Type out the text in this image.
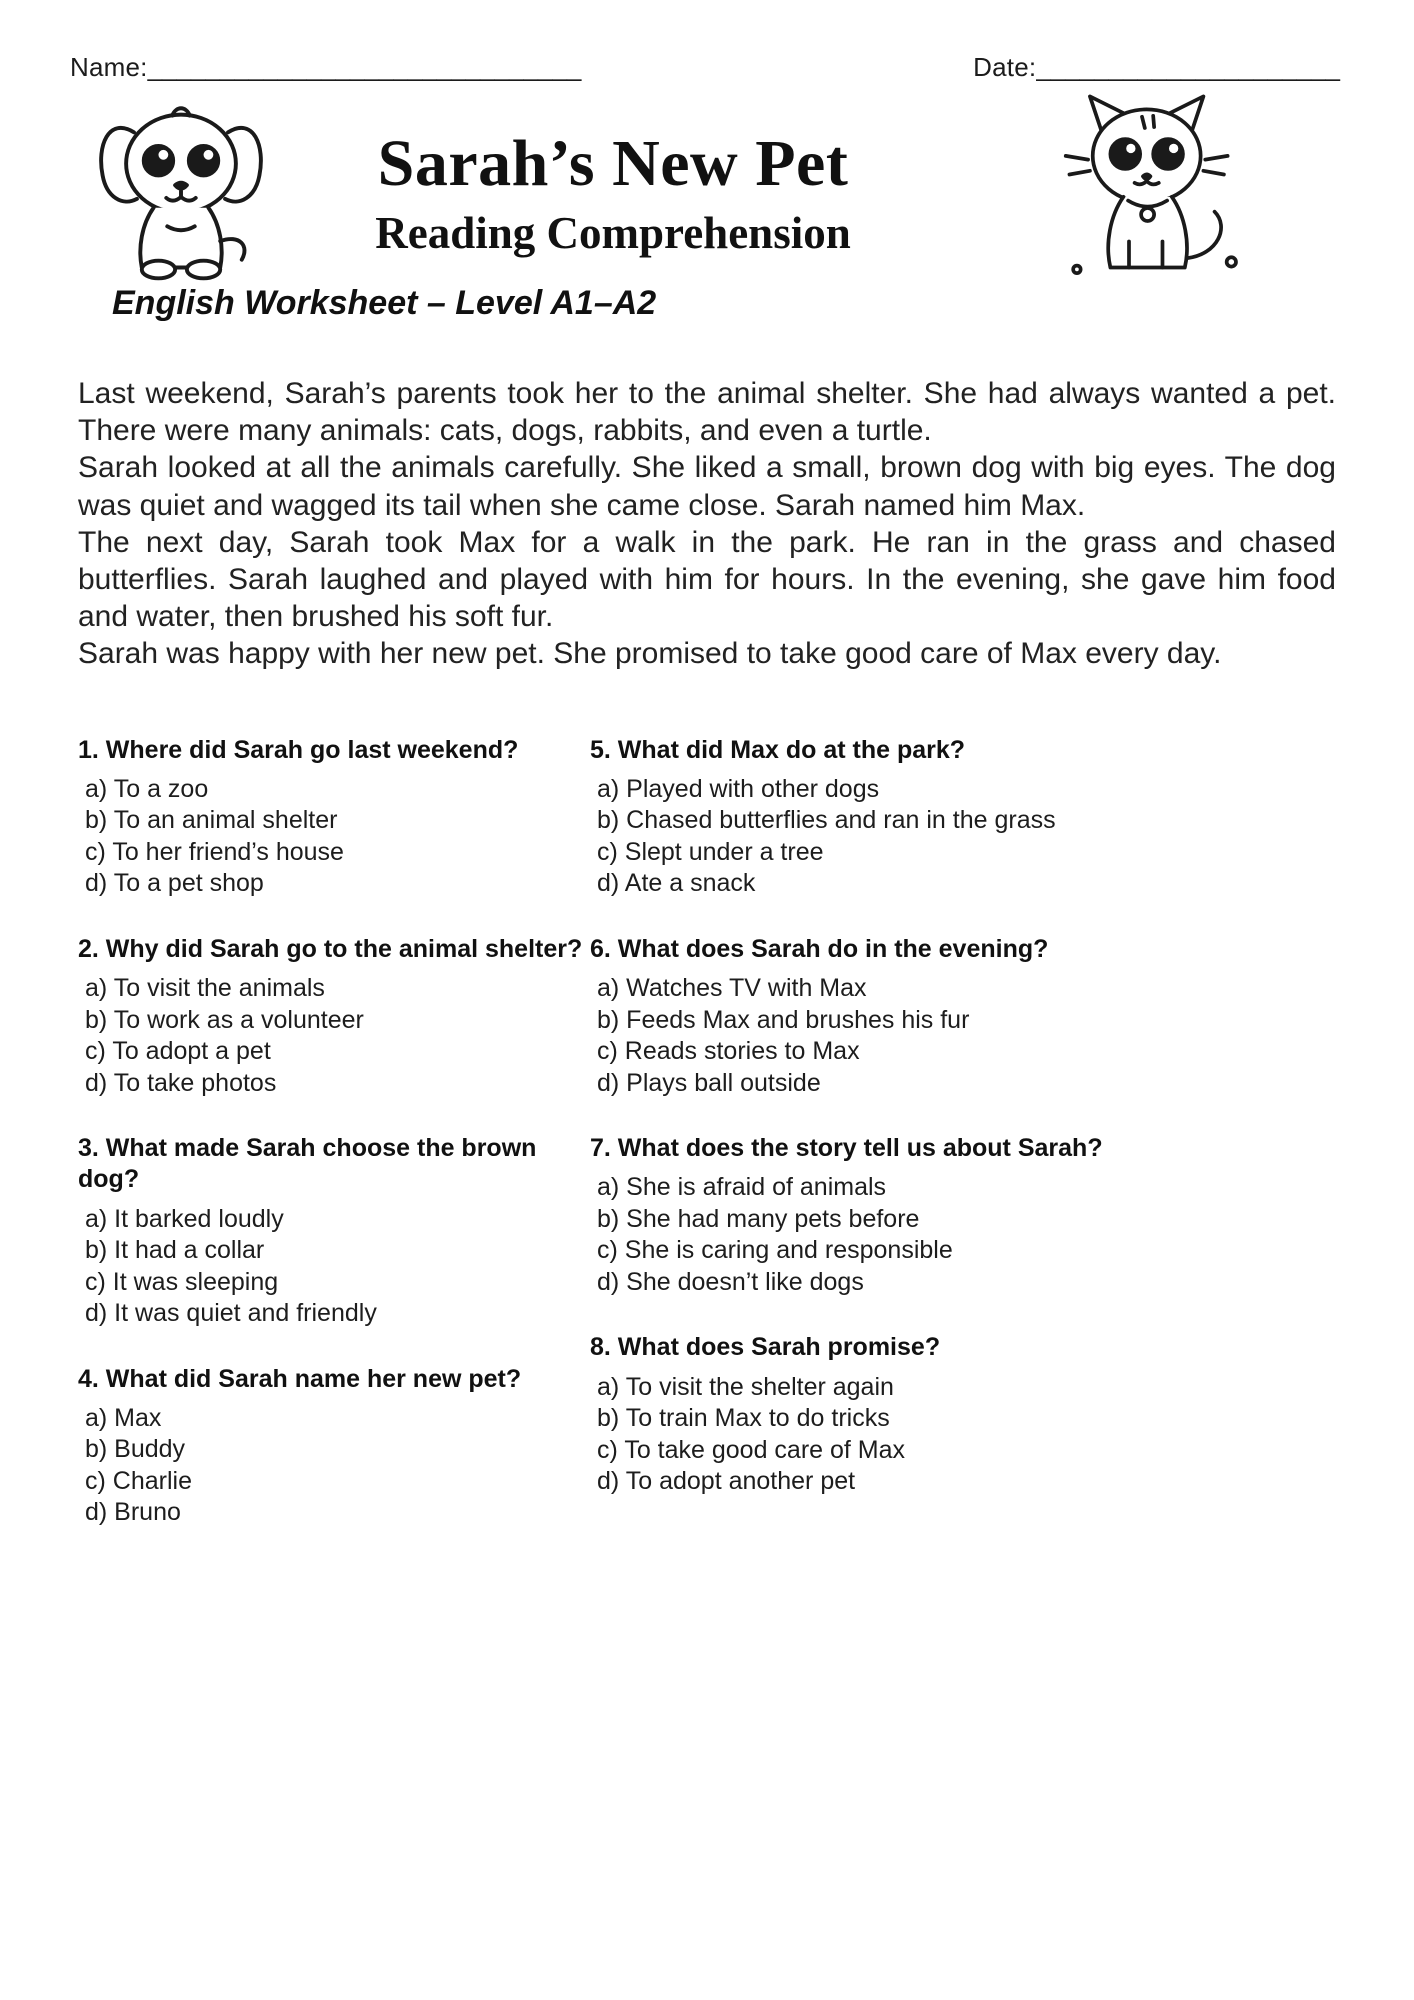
Name:______________________________	Date:_____________________
Sarah’s New Pet
Reading Comprehension
English Worksheet – Level A1–A2

Last weekend, Sarah’s parents took her to the animal shelter. She had always wanted a pet. There were many animals: cats, dogs, rabbits, and even a turtle.

Sarah looked at all the animals carefully. She liked a small, brown dog with big eyes. The dog was quiet and wagged its tail when she came close. Sarah named him Max.

The next day, Sarah took Max for a walk in the park. He ran in the grass and chased butterflies. Sarah laughed and played with him for hours. In the evening, she gave him food and water, then brushed his soft fur.

Sarah was happy with her new pet. She promised to take good care of Max every day.

1. Where did Sarah go last weekend?
a) To a zoo
b) To an animal shelter
c) To her friend’s house
d) To a pet shop
2. Why did Sarah go to the animal shelter?
a) To visit the animals
b) To work as a volunteer
c) To adopt a pet
d) To take photos
3. What made Sarah choose the brown dog?
a) It barked loudly
b) It had a collar
c) It was sleeping
d) It was quiet and friendly
4. What did Sarah name her new pet?
a) Max
b) Buddy
c) Charlie
d) Bruno
5. What did Max do at the park?
a) Played with other dogs
b) Chased butterflies and ran in the grass
c) Slept under a tree
d) Ate a snack
6. What does Sarah do in the evening?
a) Watches TV with Max
b) Feeds Max and brushes his fur
c) Reads stories to Max
d) Plays ball outside
7. What does the story tell us about Sarah?
a) She is afraid of animals
b) She had many pets before
c) She is caring and responsible
d) She doesn’t like dogs
8. What does Sarah promise?
a) To visit the shelter again
b) To train Max to do tricks
c) To take good care of Max
d) To adopt another pet
